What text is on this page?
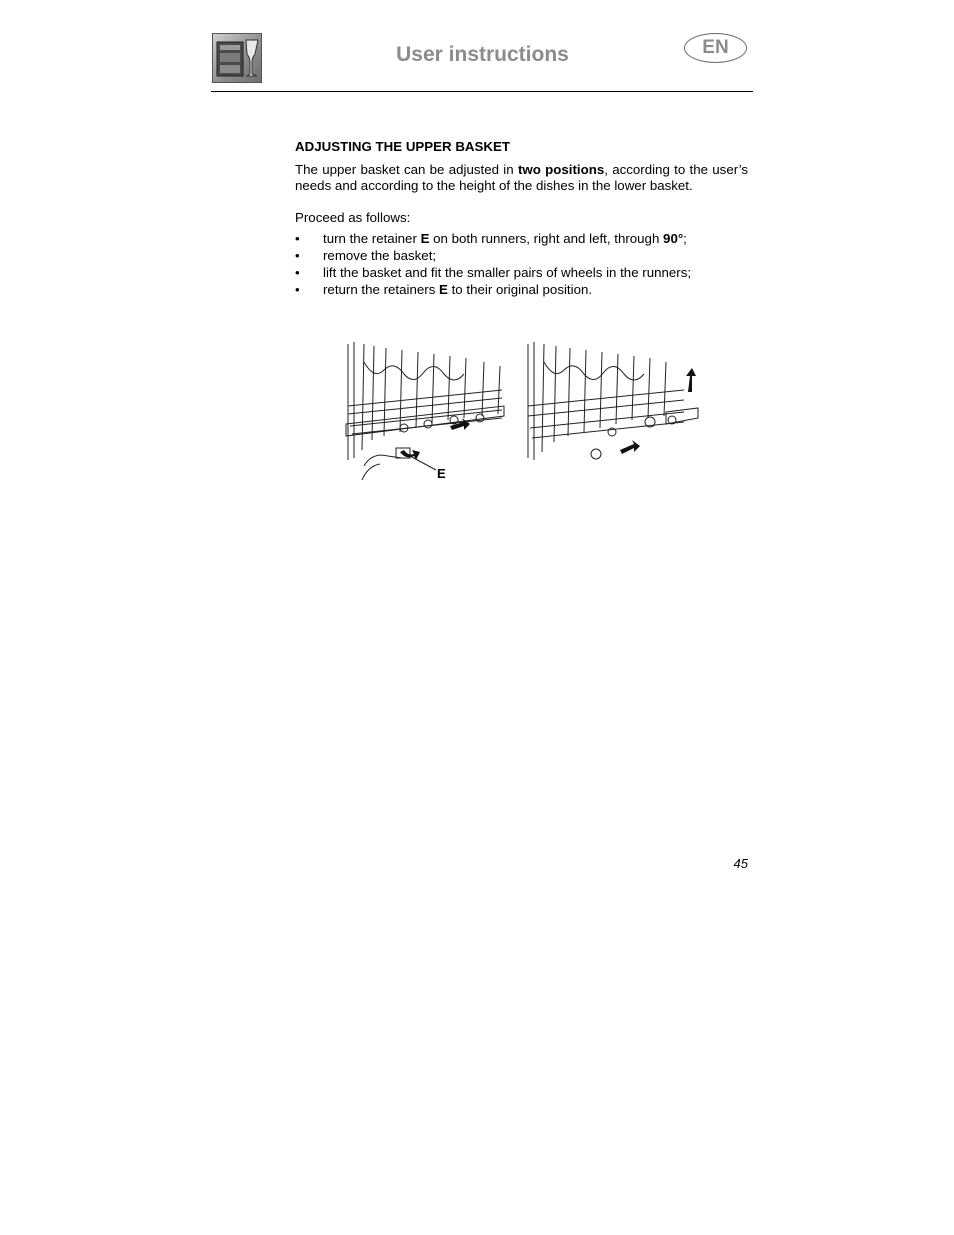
User instructions	EN

ADJUSTING THE UPPER BASKET

The upper basket can be adjusted in two positions, according to the user’s needs and according to the height of the dishes in the lower basket.

Proceed as follows:

• turn the retainer E on both runners, right and left, through 90°;
• remove the basket;
• lift the basket and fit the smaller pairs of wheels in the runners;
• return the retainers E to their original position.
E
45
